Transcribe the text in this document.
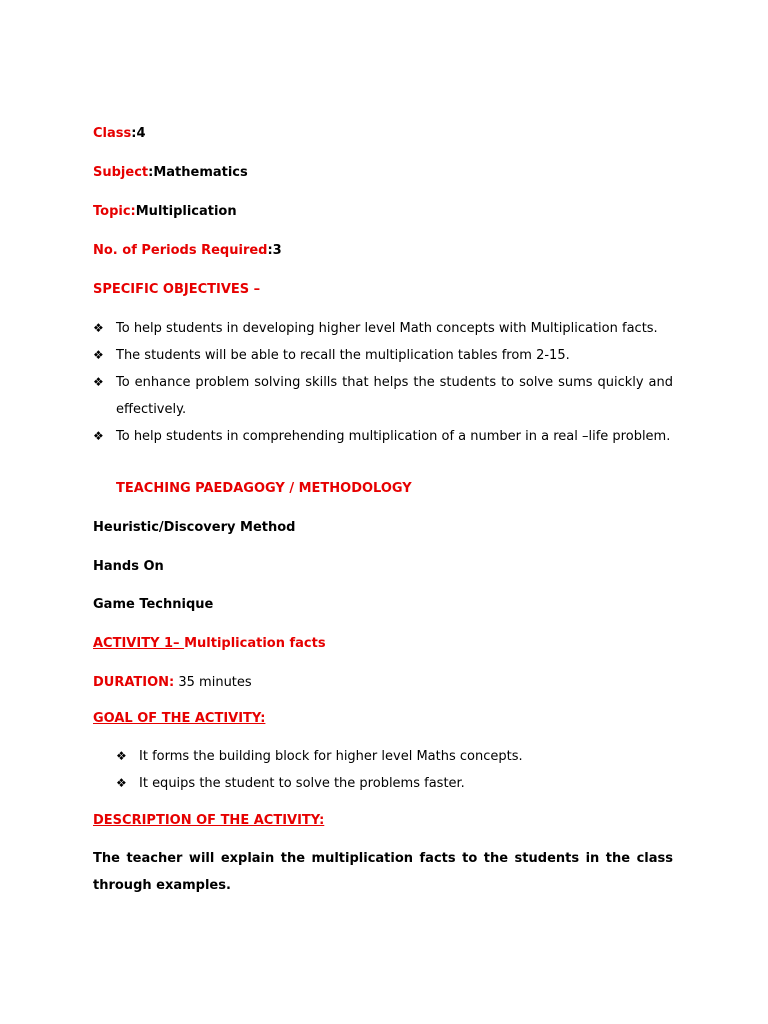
Class:4
Subject:Mathematics
Topic:Multiplication
No. of Periods Required:3
SPECIFIC OBJECTIVES –
❖ To help students in developing higher level Math concepts with Multiplication facts.
❖ The students will be able to recall the multiplication tables from 2-15.
❖ To enhance problem solving skills that helps the students to solve sums quickly and effectively.
❖ To help students in comprehending multiplication of a number in a real –life problem.
TEACHING PAEDAGOGY / METHODOLOGY
Heuristic/Discovery Method
Hands On
Game Technique
ACTIVITY 1– Multiplication facts
DURATION: 35 minutes
GOAL OF THE ACTIVITY:
❖ It forms the building block for higher level Maths concepts.
❖ It equips the student to solve the problems faster.
DESCRIPTION OF THE ACTIVITY:
The teacher will explain the multiplication facts to the students in the class through examples.
